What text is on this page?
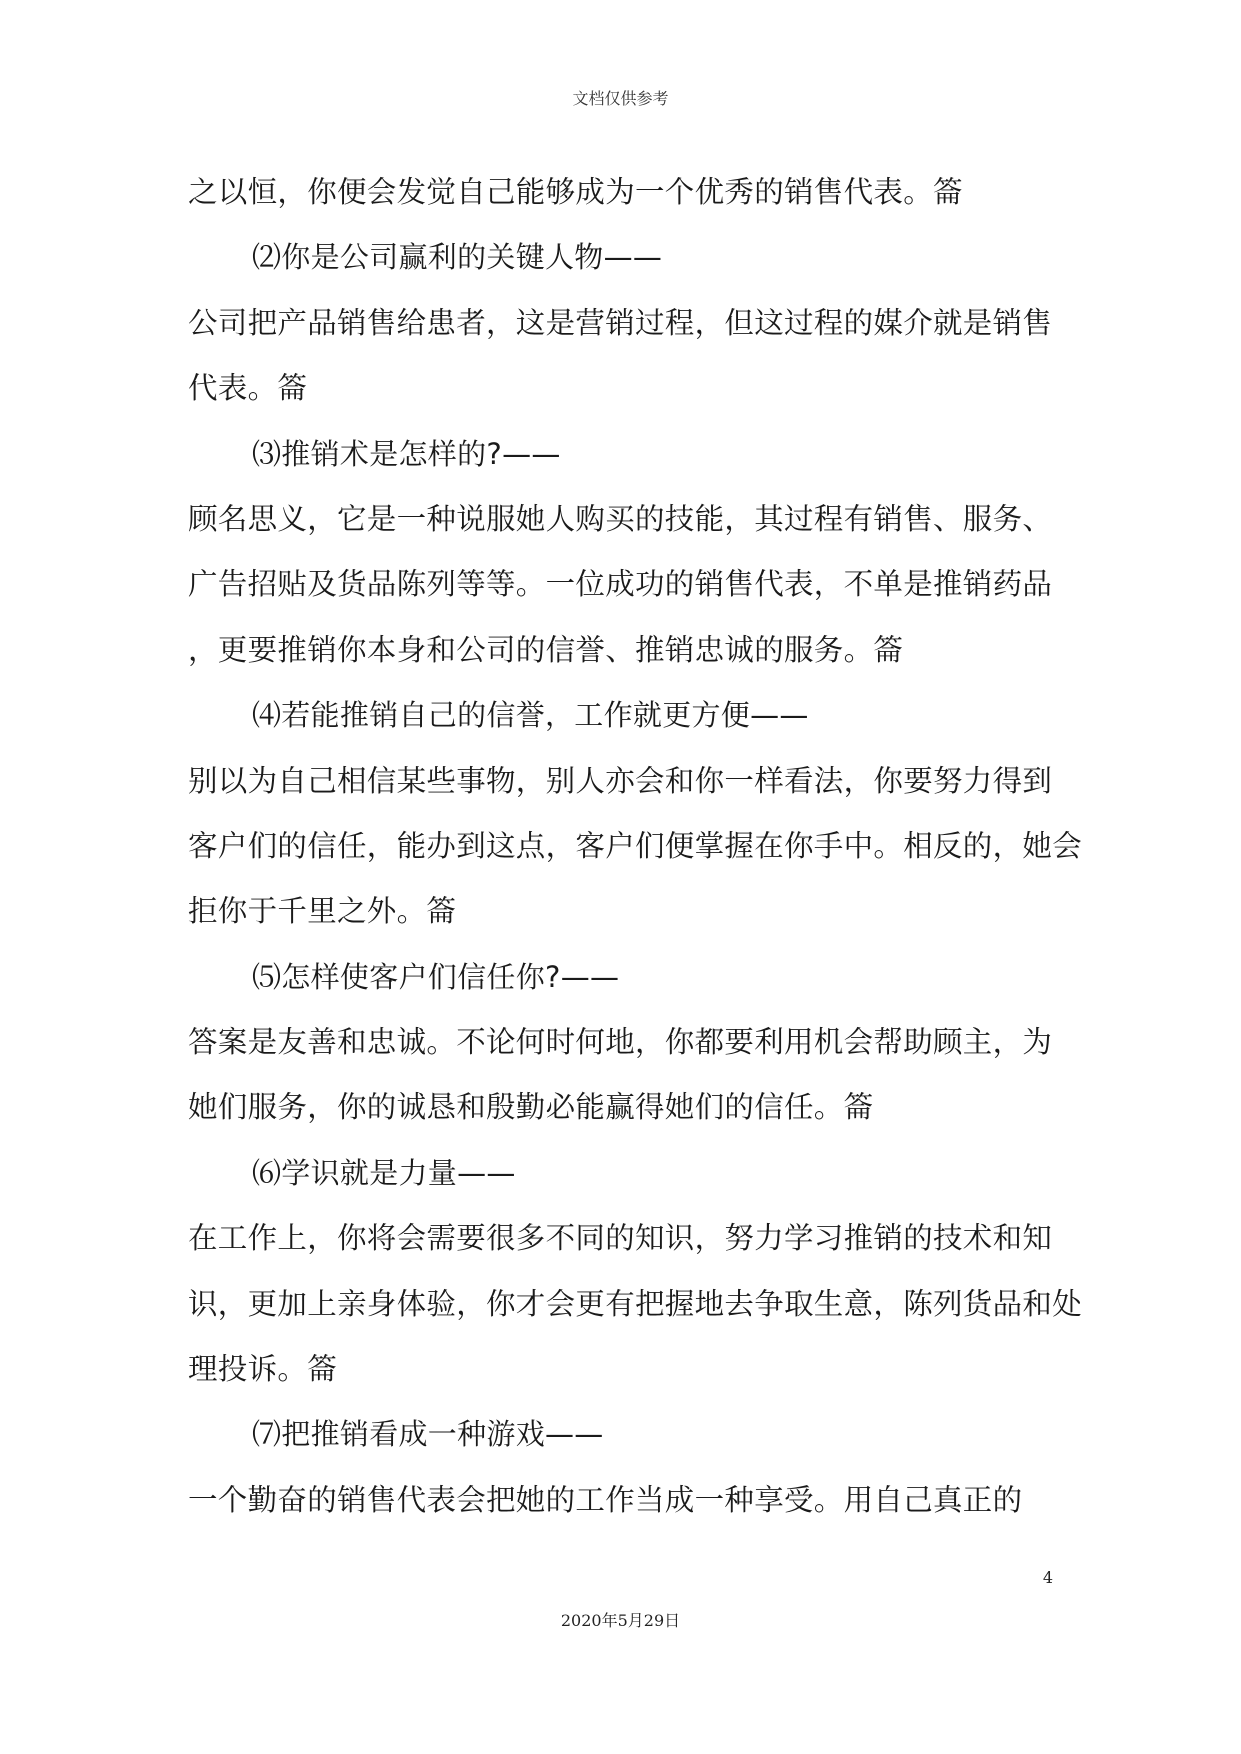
文档仅供参考
之以恒，你便会发觉自己能够成为一个优秀的销售代表。䈁
⑵你是公司赢利的关键人物——
公司把产品销售给患者，这是营销过程，但这过程的媒介就是销售
代表。䈁
⑶推销术是怎样的?——
顾名思义，它是一种说服她人购买的技能，其过程有销售、服务、
广告招贴及货品陈列等等。一位成功的销售代表，不单是推销药品
，更要推销你本身和公司的信誉、推销忠诚的服务。䈁
⑷若能推销自己的信誉，工作就更方便——
别以为自己相信某些事物，别人亦会和你一样看法，你要努力得到
客户们的信任，能办到这点，客户们便掌握在你手中。相反的，她会
拒你于千里之外。䈁
⑸怎样使客户们信任你?——
答案是友善和忠诚。不论何时何地，你都要利用机会帮助顾主，为
她们服务，你的诚恳和殷勤必能赢得她们的信任。䈁
⑹学识就是力量——
在工作上，你将会需要很多不同的知识，努力学习推销的技术和知
识，更加上亲身体验，你才会更有把握地去争取生意，陈列货品和处
理投诉。䈁
⑺把推销看成一种游戏——
一个勤奋的销售代表会把她的工作当成一种享受。用自己真正的
4
2020年5月29日
